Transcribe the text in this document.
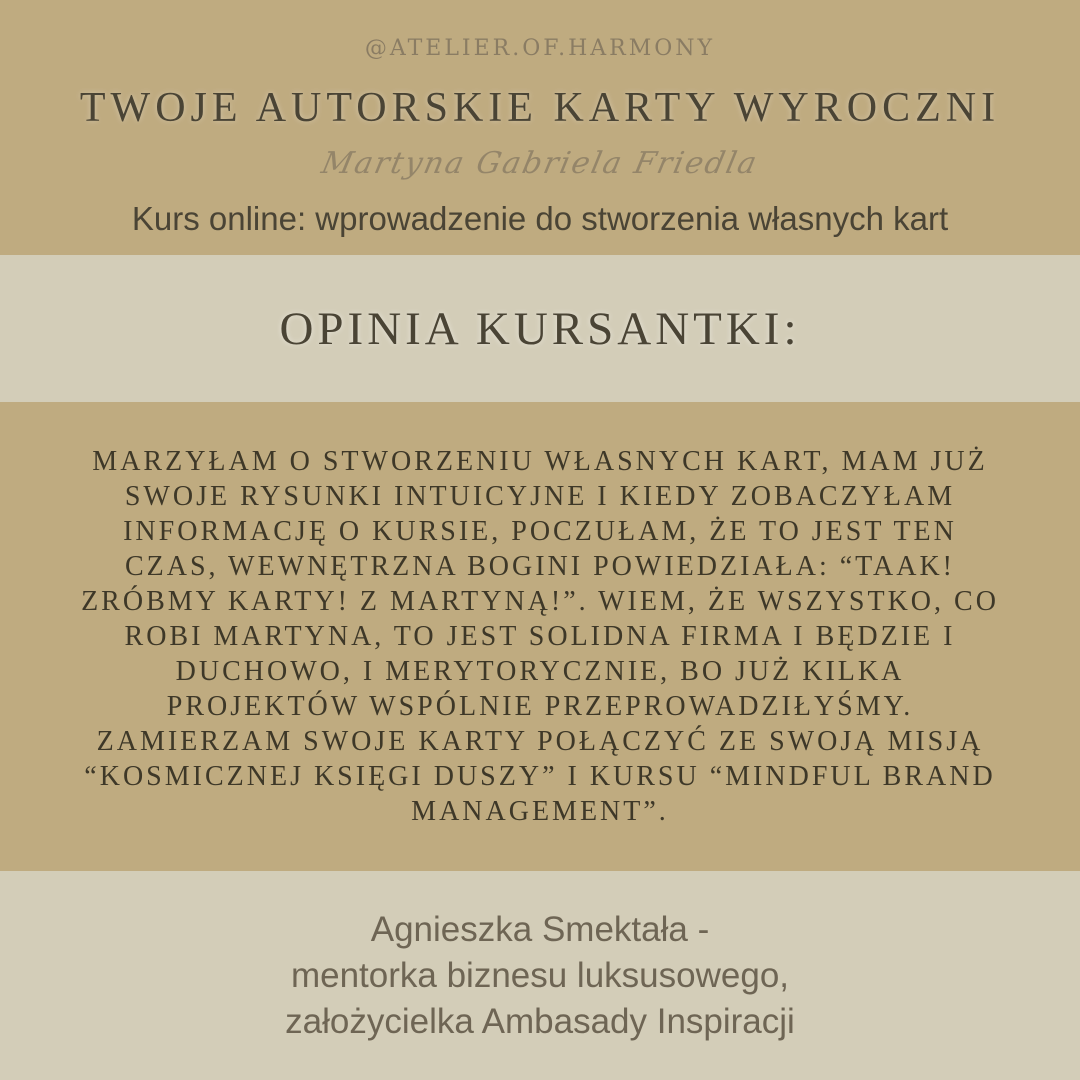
@ATELIER.OF.HARMONY
TWOJE AUTORSKIE KARTY WYROCZNI
Martyna Gabriela Friedla
Kurs online: wprowadzenie do stworzenia własnych kart
OPINIA KURSANTKI:
MARZYŁAM O STWORZENIU WŁASNYCH KART, MAM JUŻ SWOJE RYSUNKI INTUICYJNE I KIEDY ZOBACZYŁAM INFORMACJĘ O KURSIE, POCZUŁAM, ŻE TO JEST TEN CZAS, WEWNĘTRZNA BOGINI POWIEDZIAŁA: “TAAK! ZRÓBMY KARTY! Z MARTYNĄ!”. WIEM, ŻE WSZYSTKO, CO ROBI MARTYNA, TO JEST SOLIDNA FIRMA I BĘDZIE I DUCHOWO, I MERYTORYCZNIE, BO JUŻ KILKA PROJEKTÓW WSPÓLNIE PRZEPROWADZIŁYŚMY. ZAMIERZAM SWOJE KARTY POŁĄCZYĆ ZE SWOJĄ MISJĄ “KOSMICZNEJ KSIĘGI DUSZY” I KURSU “MINDFUL BRAND MANAGEMENT”.
Agnieszka Smektała -
mentorka biznesu luksusowego,
założycielka Ambasady Inspiracji
